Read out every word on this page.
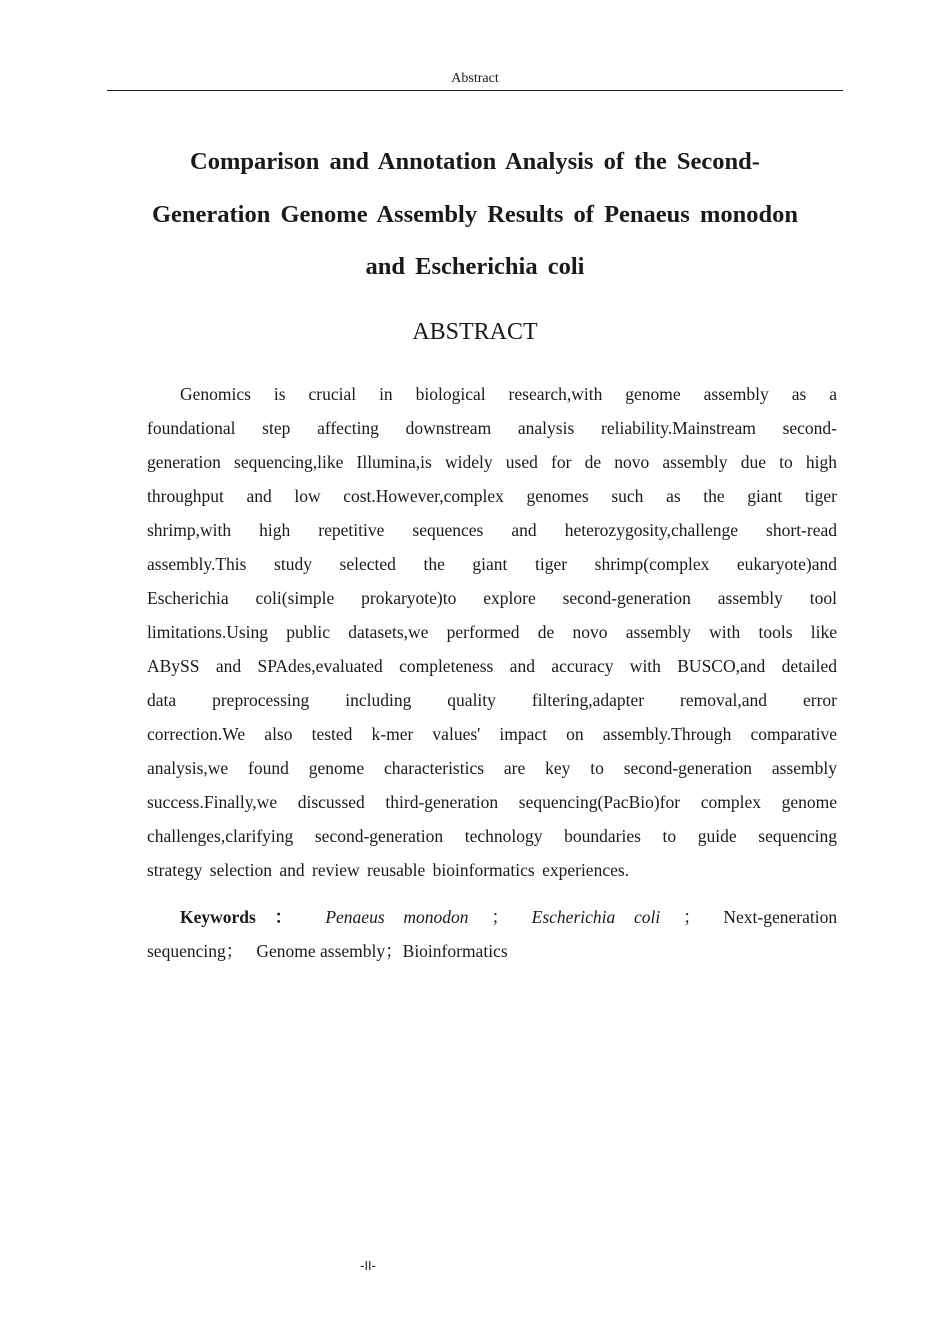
Abstract
Comparison and Annotation Analysis of the Second-
Generation Genome Assembly Results of Penaeus monodon
and Escherichia coli
ABSTRACT
Genomics is crucial in biological research,with genome assembly as a
foundational step affecting downstream analysis reliability.Mainstream second-
generation sequencing,like Illumina,is widely used for de novo assembly due to high
throughput and low cost.However,complex genomes such as the giant tiger
shrimp,with high repetitive sequences and heterozygosity,challenge short-read
assembly.This study selected the giant tiger shrimp(complex eukaryote)and
Escherichia coli(simple prokaryote)to explore second-generation assembly tool
limitations.Using public datasets,we performed de novo assembly with tools like
ABySS and SPAdes,evaluated completeness and accuracy with BUSCO,and detailed
data preprocessing including quality filtering,adapter removal,and error
correction.We also tested k-mer values' impact on assembly.Through comparative
analysis,we found genome characteristics are key to second-generation assembly
success.Finally,we discussed third-generation sequencing(PacBio)for complex genome
challenges,clarifying second-generation technology boundaries to guide sequencing
strategy selection and review reusable bioinformatics experiences.
Keywords ： Penaeus monodon ； Escherichia coli ； Next-generation
sequencing； Genome assembly；Bioinformatics
-II-
